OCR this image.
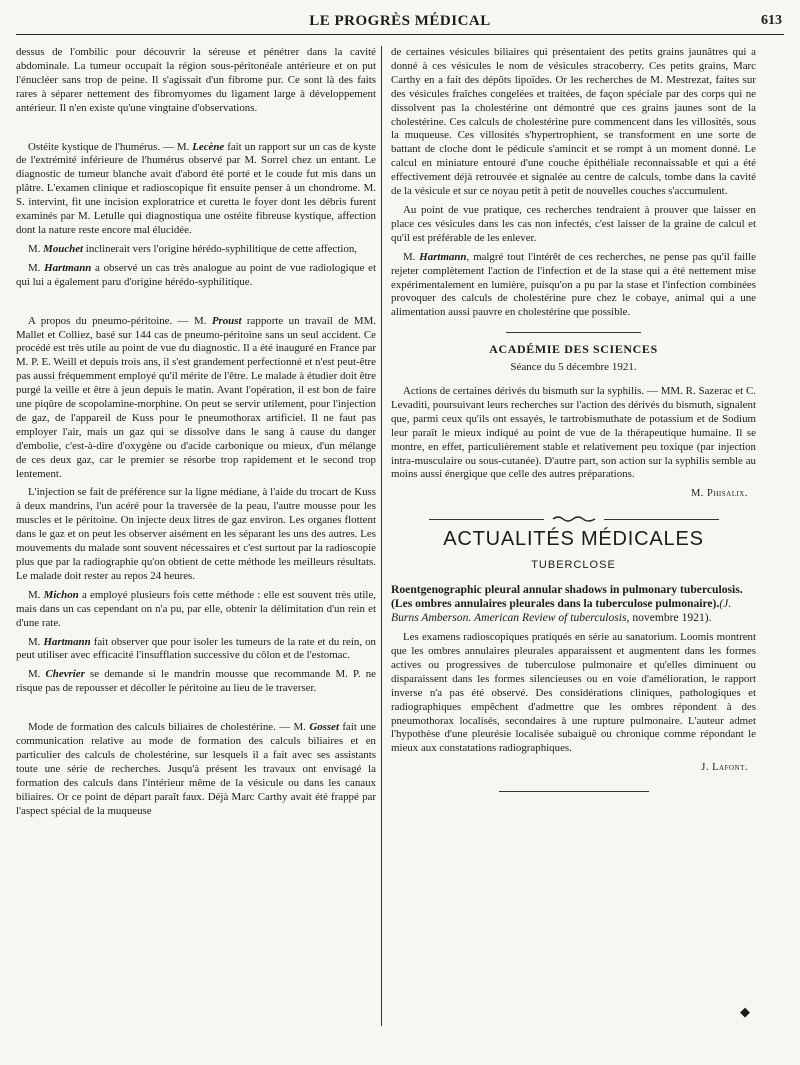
LE PROGRÈS MÉDICAL	613

dessus de l'ombilic pour découvrir la séreuse et pénétrer dans la cavité abdominale. La tumeur occupait la région sous-péritonéale antérieure et on put l'énucléer sans trop de peine. Il s'agissait d'un fibrome pur. Ce sont là des faits rares à séparer nettement des fibromyomes du ligament large à développement antérieur. Il n'en existe qu'une vingtaine d'observations.

Ostéite kystique de l'humérus. — M. Lecène fait un rapport sur un cas de kyste de l'extrémité inférieure de l'humérus observé par M. Sorrel chez un entant. Le diagnostic de tumeur blanche avait d'abord été porté et le coude fut mis dans un plâtre. L'examen clinique et radioscopique fit ensuite penser à un chondrome. M. S. intervint, fit une incision exploratrice et curetta le foyer dont les débris furent examinés par M. Letulle qui diagnostiqua une ostéite fibreuse kystique, affection dont la nature reste encore mal élucidée.

M. Mouchet inclinerait vers l'origine hérédo-syphilitique de cette affection,

M. Hartmann a observé un cas très analogue au point de vue radiologique et qui lui a également paru d'origine hérédo-syphilitique.

A propos du pneumo-péritoine. — M. Proust rapporte un travail de MM. Mallet et Colliez, basé sur 144 cas de pneumo-péritoine sans un seul accident. Ce procédé est très utile au point de vue du diagnostic. Il a été inauguré en France par M. P. E. Weill et depuis trois ans, il s'est grandement perfectionné et n'est peut-être pas aussi fréquemment employé qu'il mérite de l'être. Le malade à étudier doit être purgé la veille et être à jeun depuis le matin. Avant l'opération, il est bon de faire une piqûre de scopolamine-morphine. On peut se servir utilement, pour l'injection de gaz, de l'appareil de Kuss pour le pneumothorax artificiel. Il ne faut pas employer l'air, mais un gaz qui se dissolve dans le sang à cause du danger d'embolie, c'est-à-dire d'oxygène ou d'acide carbonique ou mieux, d'un mélange de ces deux gaz, car le premier se résorbe trop rapidement et le second trop lentement.

L'injection se fait de préférence sur la ligne médiane, à l'aide du trocart de Kuss à deux mandrins, l'un acéré pour la traversée de la peau, l'autre mousse pour les muscles et le péritoine. On injecte deux litres de gaz environ. Les organes flottent dans le gaz et on peut les observer aisément en les séparant les uns des autres. Les mouvements du malade sont souvent nécessaires et c'est surtout par la radioscopie plus que par la radiographie qu'on obtient de cette méthode les meilleurs résultats. Le malade doit rester au repos 24 heures.

M. Michon a employé plusieurs fois cette méthode : elle est souvent très utile, mais dans un cas cependant on n'a pu, par elle, obtenir la délimitation d'un rein et d'une rate.

M. Hartmann fait observer que pour isoler les tumeurs de la rate et du rein, on peut utiliser avec efficacité l'insufflation successive du côlon et de l'estomac.

M. Chevrier se demande si le mandrin mousse que recommande M. P. ne risque pas de repousser et décoller le péritoine au lieu de le traverser.

Mode de formation des calculs biliaires de cholestérine. — M. Gosset fait une communication relative au mode de formation des calculs biliaires et en particulier des calculs de cholestérine, sur lesquels il a fait avec ses assistants toute une série de recherches. Jusqu'à présent les travaux ont envisagé la formation des calculs dans l'intérieur même de la vésicule ou dans les canaux biliaires. Or ce point de départ paraît faux. Déjà Marc Carthy avait été frappé par l'aspect spécial de la muqueuse

de certaines vésicules biliaires qui présentaient des petits grains jaunâtres qui a donné à ces vésicules le nom de vésicules stracoberry. Ces petits grains, Marc Carthy en a fait des dépôts lipoïdes. Or les recherches de M. Mestrezat, faites sur des vésicules fraîches congelées et traitées, de façon spéciale par des corps qui ne dissolvent pas la cholestérine ont démontré que ces grains jaunes sont de la cholestérine. Ces calculs de cholestérine pure commencent dans les villosités, sous la muqueuse. Ces villosités s'hypertrophient, se transforment en une sorte de battant de cloche dont le pédicule s'amincit et se rompt à un moment donné. Le calcul en miniature entouré d'une couche épithéliale reconnaissable et qui a été effectivement déjà retrouvée et signalée au centre de calculs, tombe dans la cavité de la vésicule et sur ce noyau petit à petit de nouvelles couches s'accumulent.

Au point de vue pratique, ces recherches tendraient à prouver que laisser en place ces vésicules dans les cas non infectés, c'est laisser de la graine de calcul et qu'il est préférable de les enlever.

M. Hartmann, malgré tout l'intérêt de ces recherches, ne pense pas qu'il faille rejeter complètement l'action de l'infection et de la stase qui a été nettement mise expérimentalement en lumière, puisqu'on a pu par la stase et l'infection combinées provoquer des calculs de cholestérine pure chez le cobaye, animal qui a une alimentation aussi pauvre en cholestérine que possible.

ACADÉMIE DES SCIENCES
Séance du 5 décembre 1921.

Actions de certaines dérivés du bismuth sur la syphilis. — MM. R. Sazerac et C. Levaditi, poursuivant leurs recherches sur l'action des dérivés du bismuth, signalent que, parmi ceux qu'ils ont essayés, le tartrobismuthate de potassium et de Sodium leur paraît le mieux indiqué au point de vue de la thérapeutique humaine. Il se montre, en effet, particulièrement stable et relativement peu toxique (par injection intra-musculaire ou sous-cutanée). D'autre part, son action sur la syphilis semble au moins aussi énergique que celle des autres préparations.

M. Phisalix.
ACTUALITÉS MÉDICALES
TUBERCLOSE

Roentgenographic pleural annular shadows in pulmonary tuberculosis. (Les ombres annulaires pleurales dans la tuberculose pulmonaire).(J. Burns Amberson. American Review of tuberculosis, novembre 1921).

Les examens radioscopiques pratiqués en série au sanatorium. Loomis montrent que les ombres annulaires pleurales apparaissent et augmentent dans les formes actives ou progressives de tuberculose pulmonaire et qu'elles diminuent ou disparaissent dans les formes silencieuses ou en voie d'amélioration, le rapport inverse n'a pas été observé. Des considérations cliniques, pathologiques et radiographiques empêchent d'admettre que les ombres répondent à des pneumothorax localisés, secondaires à une rupture pulmonaire. L'auteur admet l'hypothèse d'une pleurésie localisée subaiguë ou chronique comme répondant le mieux aux constatations radiographiques.

J. Lafont.
◆
